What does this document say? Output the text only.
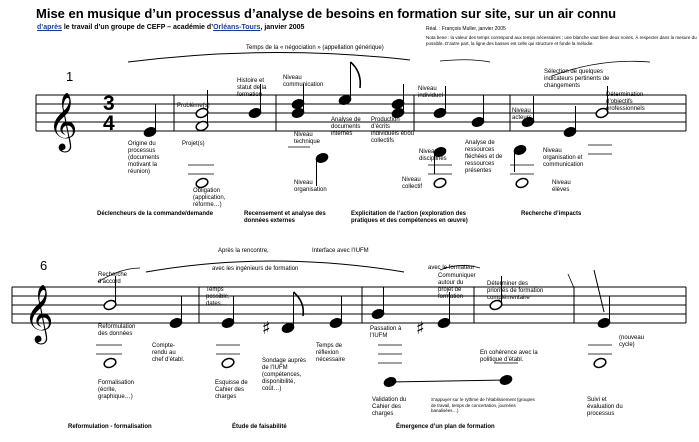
𝄞
𝄞	♯	♯
Mise en musique d’un processus d’analyse de besoins en formation sur site, sur un air connu
d’après le travail d’un groupe de CEFP – académie d’Orléans-Tours, janvier 2005	Réal. : François Muller, janvier 2005
Nota bene : la valeur des temps correspond aux temps nécessaires ; une blanche vaut bien deux noires. À respecter dans la mesure du possible. D’autre part, la ligne des basses est celle qui structure et fonde la mélodie.
1
3
4
Temps de la « négociation » (appellation générique)
Origine du processus (documents motivant la réunion)
Problème(s)
Projet(s)
Obligation (application, réforme…)
Histoire et statut de la formation
Niveau communication
Niveau technique
Niveau organisation
Analyse de documents internes
Production d’écrits individuels et/ou collectifs
Niveau individuel
Niveau disciplines
Niveau collectif
Analyse de ressources fléchées et de ressources présentes
Niveau acteurs
Sélection de quelques indicateurs pertinents de changements
Détermination d’objectifs professionnels
Niveau organisation et communication
Niveau élèves
Déclencheurs de la commande/demande	Recensement et analyse des données externes
Explicitation de l’action (exploration des pratiques et des compétences en œuvre)
Recherche d’impacts
6
Après la rencontre,
avec les ingénieurs de formation
Interface avec l’IUFM
avec le formateur
Recherche d’accord
Reformulation des données
Compte-rendu au chef d’établ.
Formalisation (écrite, graphique…)
Temps possible, dates…
Esquisse de Cahier des charges
Sondage auprès de l’IUFM (compétences, disponibilité, coût…)
Temps de réflexion nécessaire
Passation à l’IUFM
Communiquer autour du projet de formation
Validation du Cahier des charges
S’appuyer sur le rythme de l’établissement (groupes de travail, temps de concertation, journées banalisées…)
Déterminer des priorités de formation complémentaire
En cohérence avec la politique d’établ.
(nouveau cycle)
Suivi et évaluation du processus
Reformulation - formalisation	Étude de faisabilité	Émergence d’un plan de formation
